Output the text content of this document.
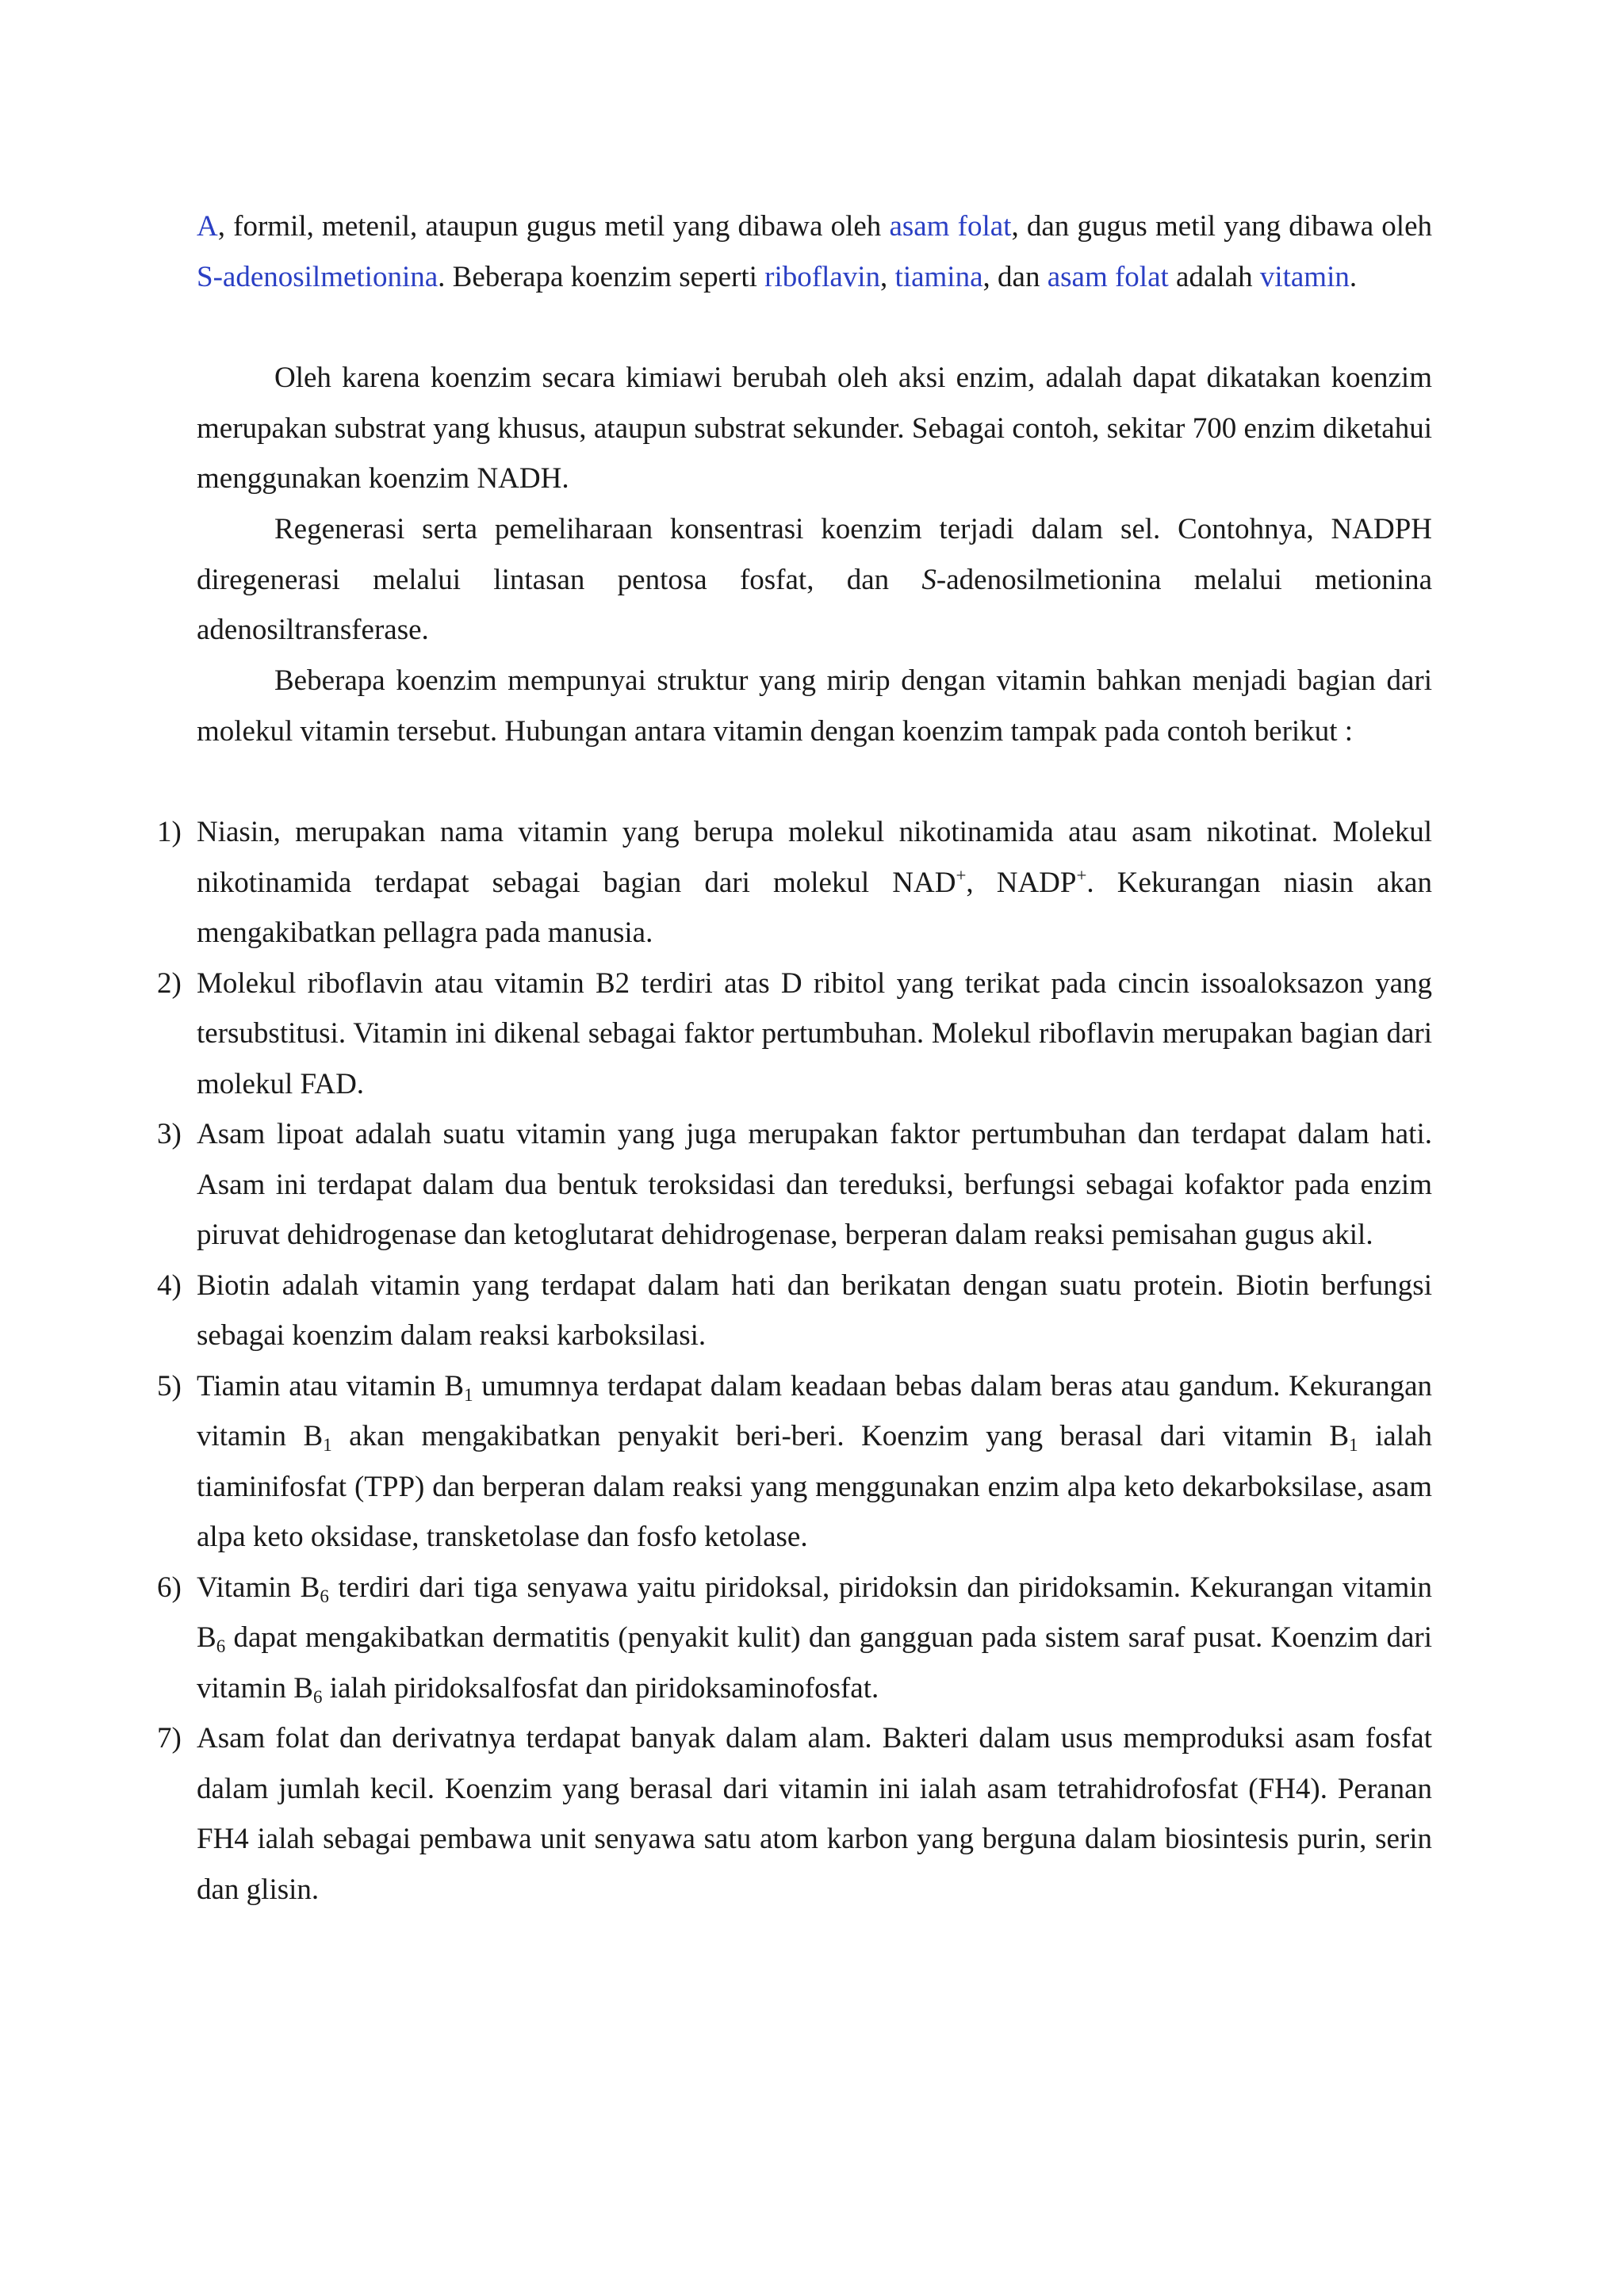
A, formil, metenil, ataupun gugus metil yang dibawa oleh asam folat, dan gugus metil yang dibawa oleh S-adenosilmetionina. Beberapa koenzim seperti riboflavin, tiamina, dan asam folat adalah vitamin.

Oleh karena koenzim secara kimiawi berubah oleh aksi enzim, adalah dapat dikatakan koenzim merupakan substrat yang khusus, ataupun substrat sekunder. Sebagai contoh, sekitar 700 enzim diketahui menggunakan koenzim NADH.

Regenerasi serta pemeliharaan konsentrasi koenzim terjadi dalam sel. Contohnya, NADPH diregenerasi melalui lintasan pentosa fosfat, dan S-adenosilmetionina melalui metionina adenosiltransferase.

Beberapa koenzim mempunyai struktur yang mirip dengan vitamin bahkan menjadi bagian dari molekul vitamin tersebut. Hubungan antara vitamin dengan koenzim tampak pada contoh berikut :

1) Niasin, merupakan nama vitamin yang berupa molekul nikotinamida atau asam nikotinat. Molekul nikotinamida terdapat sebagai bagian dari molekul NAD+, NADP+. Kekurangan niasin akan mengakibatkan pellagra pada manusia.
2) Molekul riboflavin atau vitamin B2 terdiri atas D ribitol yang terikat pada cincin issoaloksazon yang tersubstitusi. Vitamin ini dikenal sebagai faktor pertumbuhan. Molekul riboflavin merupakan bagian dari molekul FAD.
3) Asam lipoat adalah suatu vitamin yang juga merupakan faktor pertumbuhan dan terdapat dalam hati. Asam ini terdapat dalam dua bentuk teroksidasi dan tereduksi, berfungsi sebagai kofaktor pada enzim piruvat dehidrogenase dan ketoglutarat dehidrogenase, berperan dalam reaksi pemisahan gugus akil.
4) Biotin adalah vitamin yang terdapat dalam hati dan berikatan dengan suatu protein. Biotin berfungsi sebagai koenzim dalam reaksi karboksilasi.
5) Tiamin atau vitamin $B_1$ umumnya terdapat dalam keadaan bebas dalam beras atau gandum. Kekurangan vitamin $B_1$ akan mengakibatkan penyakit beri-beri. Koenzim yang berasal dari vitamin $B_1$ ialah tiaminifosfat (TPP) dan berperan dalam reaksi yang menggunakan enzim alpa keto dekarboksilase, asam alpa keto oksidase, transketolase dan fosfo ketolase.
6) Vitamin $B_6$ terdiri dari tiga senyawa yaitu piridoksal, piridoksin dan piridoksamin. Kekurangan vitamin $B_6$ dapat mengakibatkan dermatitis (penyakit kulit) dan gangguan pada sistem saraf pusat. Koenzim dari vitamin $B_6$ ialah piridoksalfosfat dan piridoksaminofosfat.
7) Asam folat dan derivatnya terdapat banyak dalam alam. Bakteri dalam usus memproduksi asam fosfat dalam jumlah kecil. Koenzim yang berasal dari vitamin ini ialah asam tetrahidrofosfat (FH4). Peranan FH4 ialah sebagai pembawa unit senyawa satu atom karbon yang berguna dalam biosintesis purin, serin dan glisin.
